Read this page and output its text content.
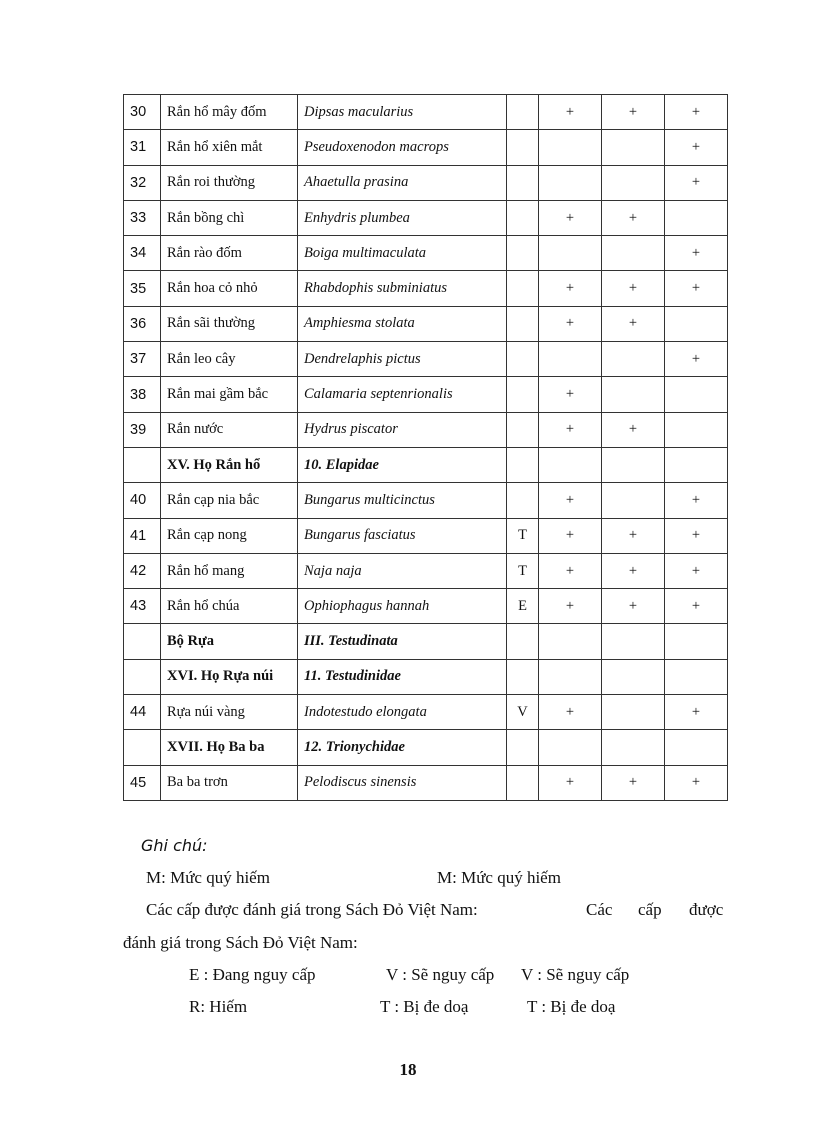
30	Rắn hổ mây đốm	Dipsas macularius		+	+	+
31	Rắn hổ xiên mắt	Pseudoxenodon macrops				+
32	Rắn roi thường	Ahaetulla prasina				+
33	Rắn bồng chì	Enhydris plumbea		+	+	
34	Rắn rào đốm	Boiga multimaculata				+
35	Rắn hoa cỏ nhỏ	Rhabdophis subminiatus		+	+	+
36	Rắn sãi thường	Amphiesma stolata		+	+	
37	Rắn leo cây	Dendrelaphis pictus				+
38	Rắn mai gầm bắc	Calamaria septenrionalis		+		
39	Rắn nước	Hydrus piscator		+	+	
	XV. Họ Rắn hổ	10. Elapidae				
40	Rắn cạp nia bắc	Bungarus multicinctus		+		+
41	Rắn cạp nong	Bungarus fasciatus	T	+	+	+
42	Rắn hổ mang	Naja naja	T	+	+	+
43	Rắn hổ chúa	Ophiophagus hannah	E	+	+	+
	Bộ Rựa	III. Testudinata				
	XVI. Họ Rựa núi	11. Testudinidae				
44	Rựa núi vàng	Indotestudo elongata	V	+		+
	XVII. Họ Ba ba	12. Trionychidae				
45	Ba ba trơn	Pelodiscus sinensis		+	+	+
Ghi chú:
M: Mức quý hiếm	M: Mức quý hiếm
Các cấp được đánh giá trong Sách Đỏ Việt Nam:	Các cấp được
đánh giá trong Sách Đỏ Việt Nam:
E : Đang nguy cấp	V : Sẽ nguy cấp V : Sẽ nguy cấp
R: Hiếm	T : Bị đe doạ	T : Bị đe doạ
18
